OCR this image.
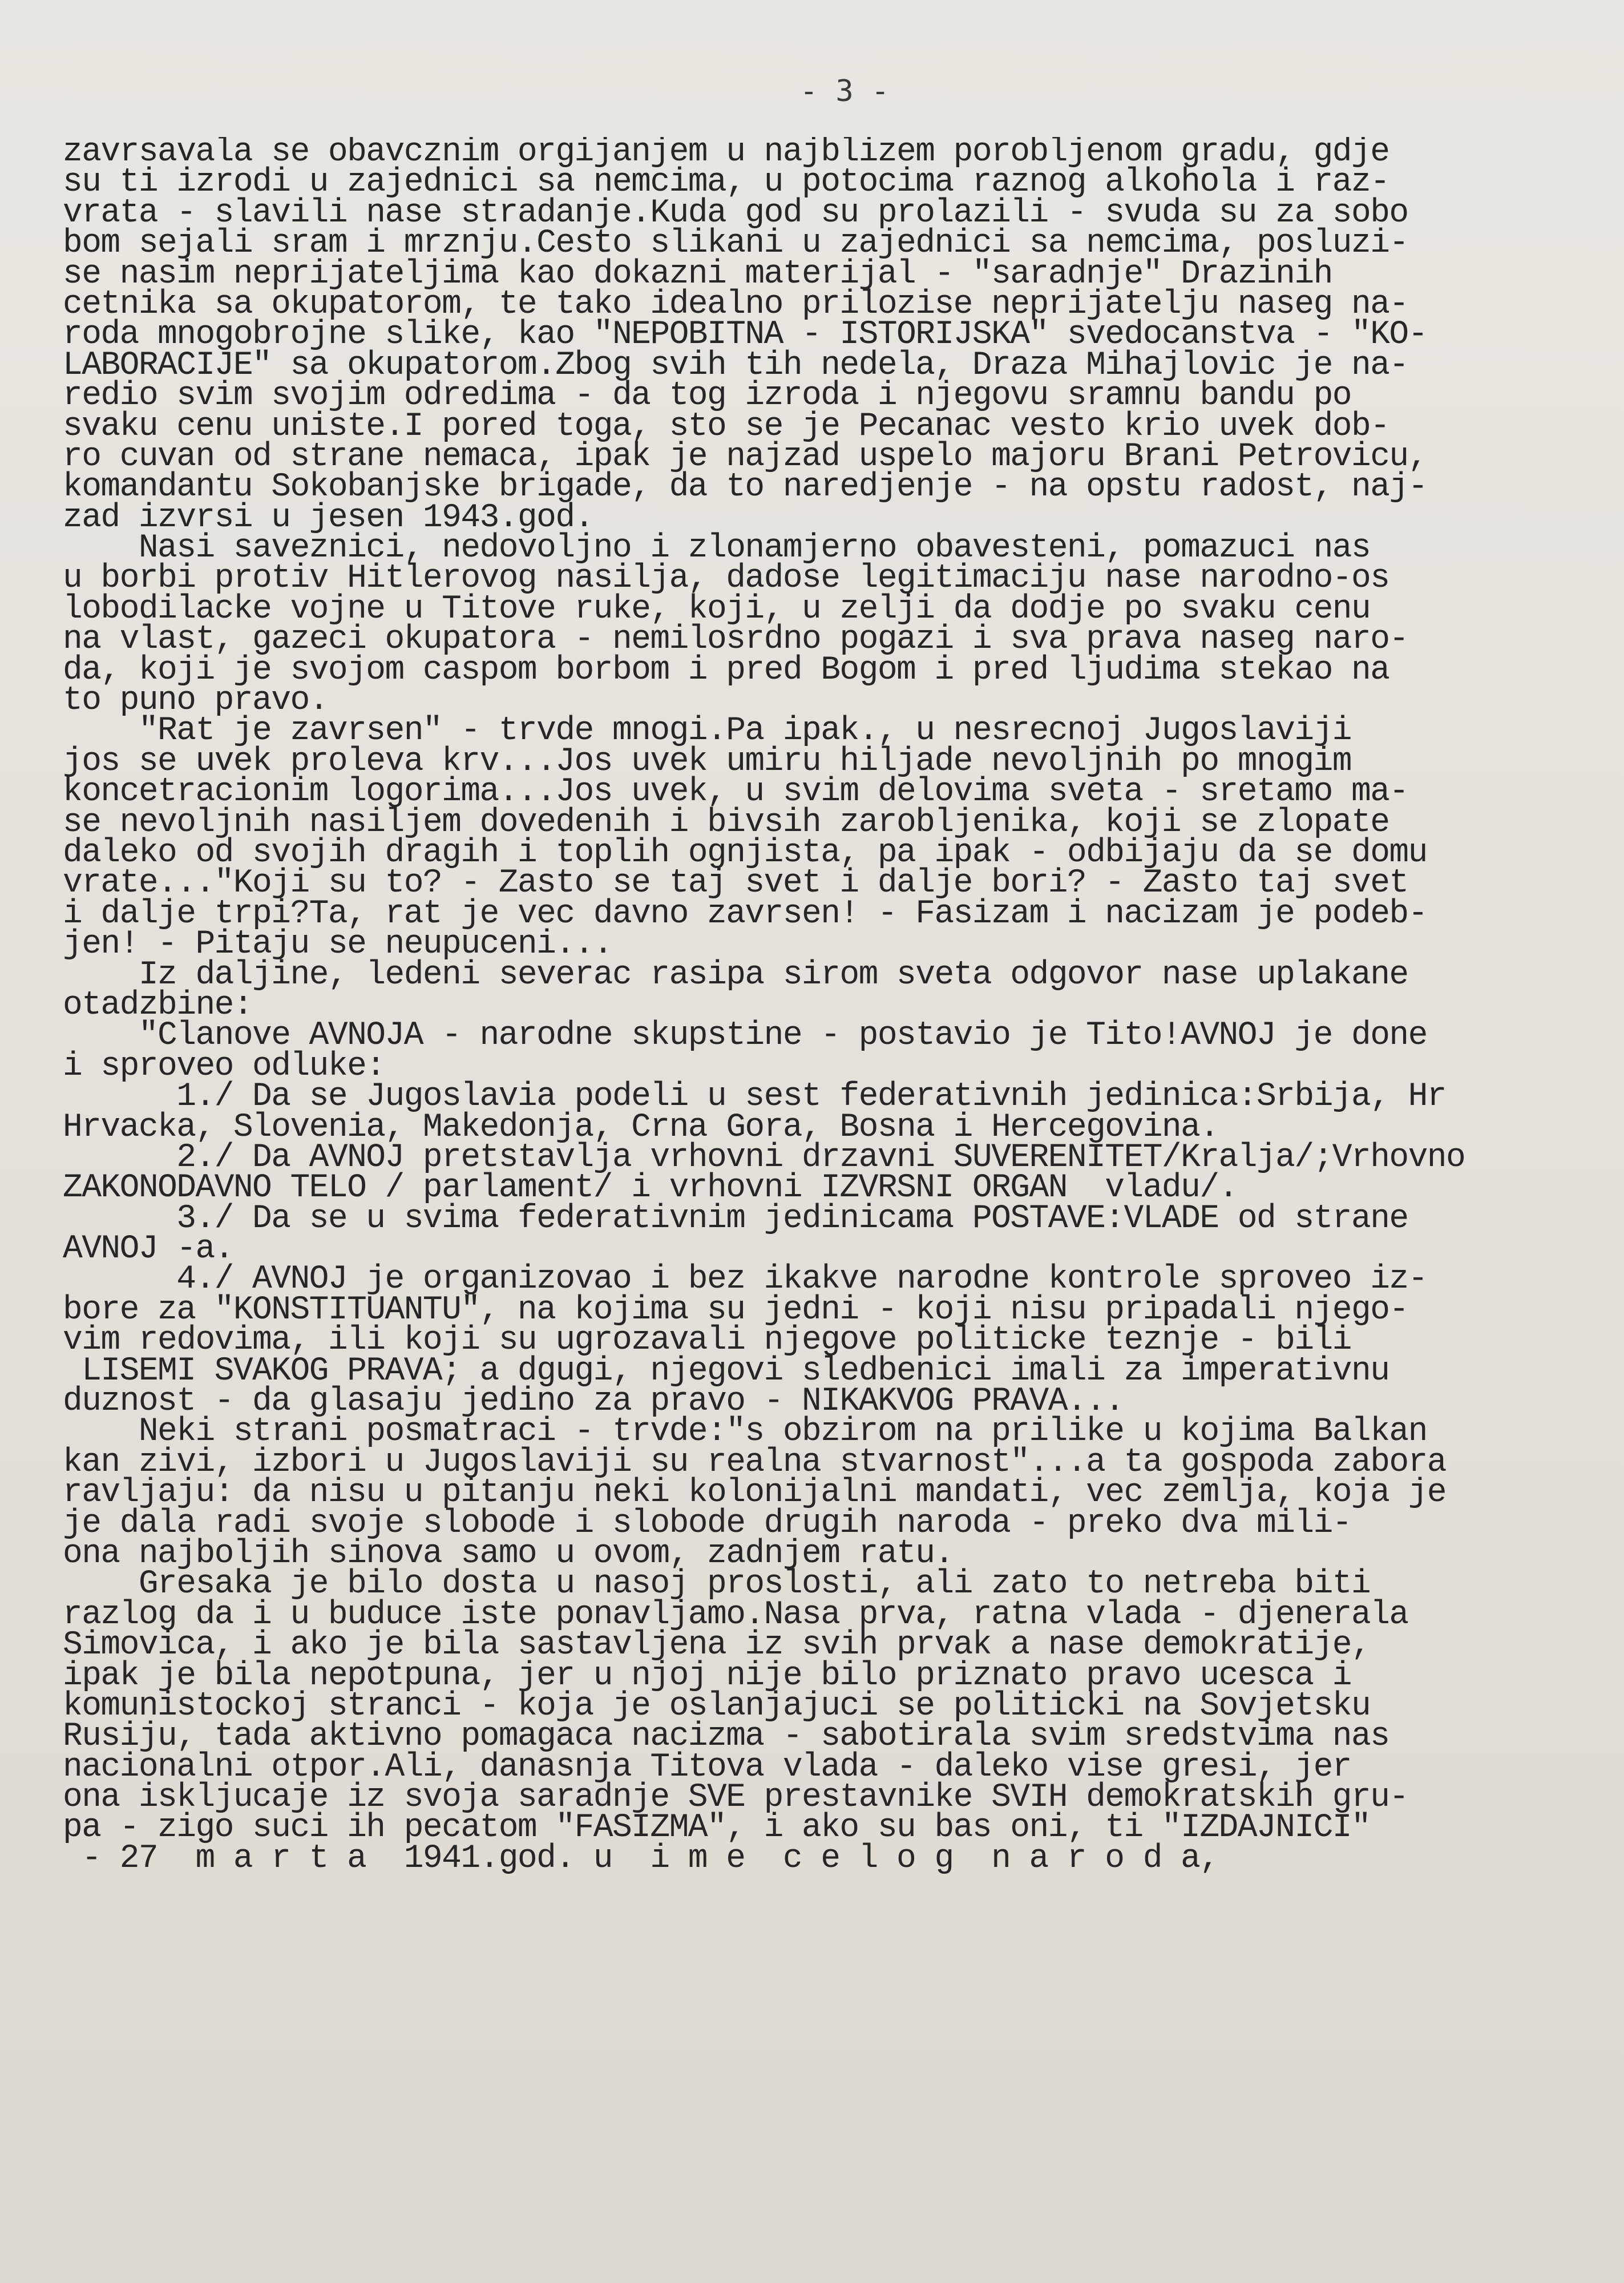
- 3 -
zavrsavala se obavcznim orgijanjem u najblizem porobljenom gradu, gdje
su ti izrodi u zajednici sa nemcima, u potocima raznog alkohola i raz-
vrata - slavili nase stradanje.Kuda god su prolazili - svuda su za sobo
bom sejali sram i mrznju.Cesto slikani u zajednici sa nemcima, posluzi-
se nasim neprijateljima kao dokazni materijal - "saradnje" Drazinih
cetnika sa okupatorom, te tako idealno prilozise neprijatelju naseg na-
roda mnogobrojne slike, kao "NEPOBITNA - ISTORIJSKA" svedocanstva - "KO-
LABORACIJE" sa okupatorom.Zbog svih tih nedela, Draza Mihajlovic je na-
redio svim svojim odredima - da tog izroda i njegovu sramnu bandu po
svaku cenu uniste.I pored toga, sto se je Pecanac vesto krio uvek dob-
ro cuvan od strane nemaca, ipak je najzad uspelo majoru Brani Petrovicu,
komandantu Sokobanjske brigade, da to naredjenje - na opstu radost, naj-
zad izvrsi u jesen 1943.god.
Nasi saveznici, nedovoljno i zlonamjerno obavesteni, pomazuci nas
u borbi protiv Hitlerovog nasilja, dadose legitimaciju nase narodno-os
lobodilacke vojne u Titove ruke, koji, u zelji da dodje po svaku cenu
na vlast, gazeci okupatora - nemilosrdno pogazi i sva prava naseg naro-
da, koji je svojom caspom borbom i pred Bogom i pred ljudima stekao na
to puno pravo.
"Rat je zavrsen" - trvde mnogi.Pa ipak., u nesrecnoj Jugoslaviji
jos se uvek proleva krv...Jos uvek umiru hiljade nevoljnih po mnogim
koncetracionim logorima...Jos uvek, u svim delovima sveta - sretamo ma-
se nevoljnih nasiljem dovedenih i bivsih zarobljenika, koji se zlopate
daleko od svojih dragih i toplih ognjista, pa ipak - odbijaju da se domu
vrate..."Koji su to? - Zasto se taj svet i dalje bori? - Zasto taj svet
i dalje trpi?Ta, rat je vec davno zavrsen! - Fasizam i nacizam je podeb-
jen! - Pitaju se neupuceni...
Iz daljine, ledeni severac rasipa sirom sveta odgovor nase uplakane
otadzbine:
"Clanove AVNOJA - narodne skupstine - postavio je Tito!AVNOJ je done
i sproveo odluke:
1./ Da se Jugoslavia podeli u sest federativnih jedinica:Srbija, Hr
Hrvacka, Slovenia, Makedonja, Crna Gora, Bosna i Hercegovina.
2./ Da AVNOJ pretstavlja vrhovni drzavni SUVERENITET/Kralja/;Vrhovno
ZAKONODAVNO TELO / parlament/ i vrhovni IZVRSNI ORGAN  vladu/.
3./ Da se u svima federativnim jedinicama POSTAVE:VLADE od strane
AVNOJ -a.
4./ AVNOJ je organizovao i bez ikakve narodne kontrole sproveo iz-
bore za "KONSTITUANTU", na kojima su jedni - koji nisu pripadali njego-
vim redovima, ili koji su ugrozavali njegove politicke teznje - bili
LISEMI SVAKOG PRAVA; a dgugi, njegovi sledbenici imali za imperativnu
duznost - da glasaju jedino za pravo - NIKAKVOG PRAVA...
Neki strani posmatraci - trvde:"s obzirom na prilike u kojima Balkan
kan zivi, izbori u Jugoslaviji su realna stvarnost"...a ta gospoda zabora
ravljaju: da nisu u pitanju neki kolonijalni mandati, vec zemlja, koja je
je dala radi svoje slobode i slobode drugih naroda - preko dva mili-
ona najboljih sinova samo u ovom, zadnjem ratu.
Gresaka je bilo dosta u nasoj proslosti, ali zato to netreba biti
razlog da i u buduce iste ponavljamo.Nasa prva, ratna vlada - djenerala
Simovica, i ako je bila sastavljena iz svih prvak a nase demokratije,
ipak je bila nepotpuna, jer u njoj nije bilo priznato pravo ucesca i
komunistockoj stranci - koja je oslanjajuci se politicki na Sovjetsku
Rusiju, tada aktivno pomagaca nacizma - sabotirala svim sredstvima nas
nacionalni otpor.Ali, danasnja Titova vlada - daleko vise gresi, jer
ona iskljucaje iz svoja saradnje SVE prestavnike SVIH demokratskih gru-
pa - zigo suci ih pecatom "FASIZMA", i ako su bas oni, ti "IZDAJNICI"
- 27  m a r t a  1941.god. u  i m e  c e l o g  n a r o d a,
